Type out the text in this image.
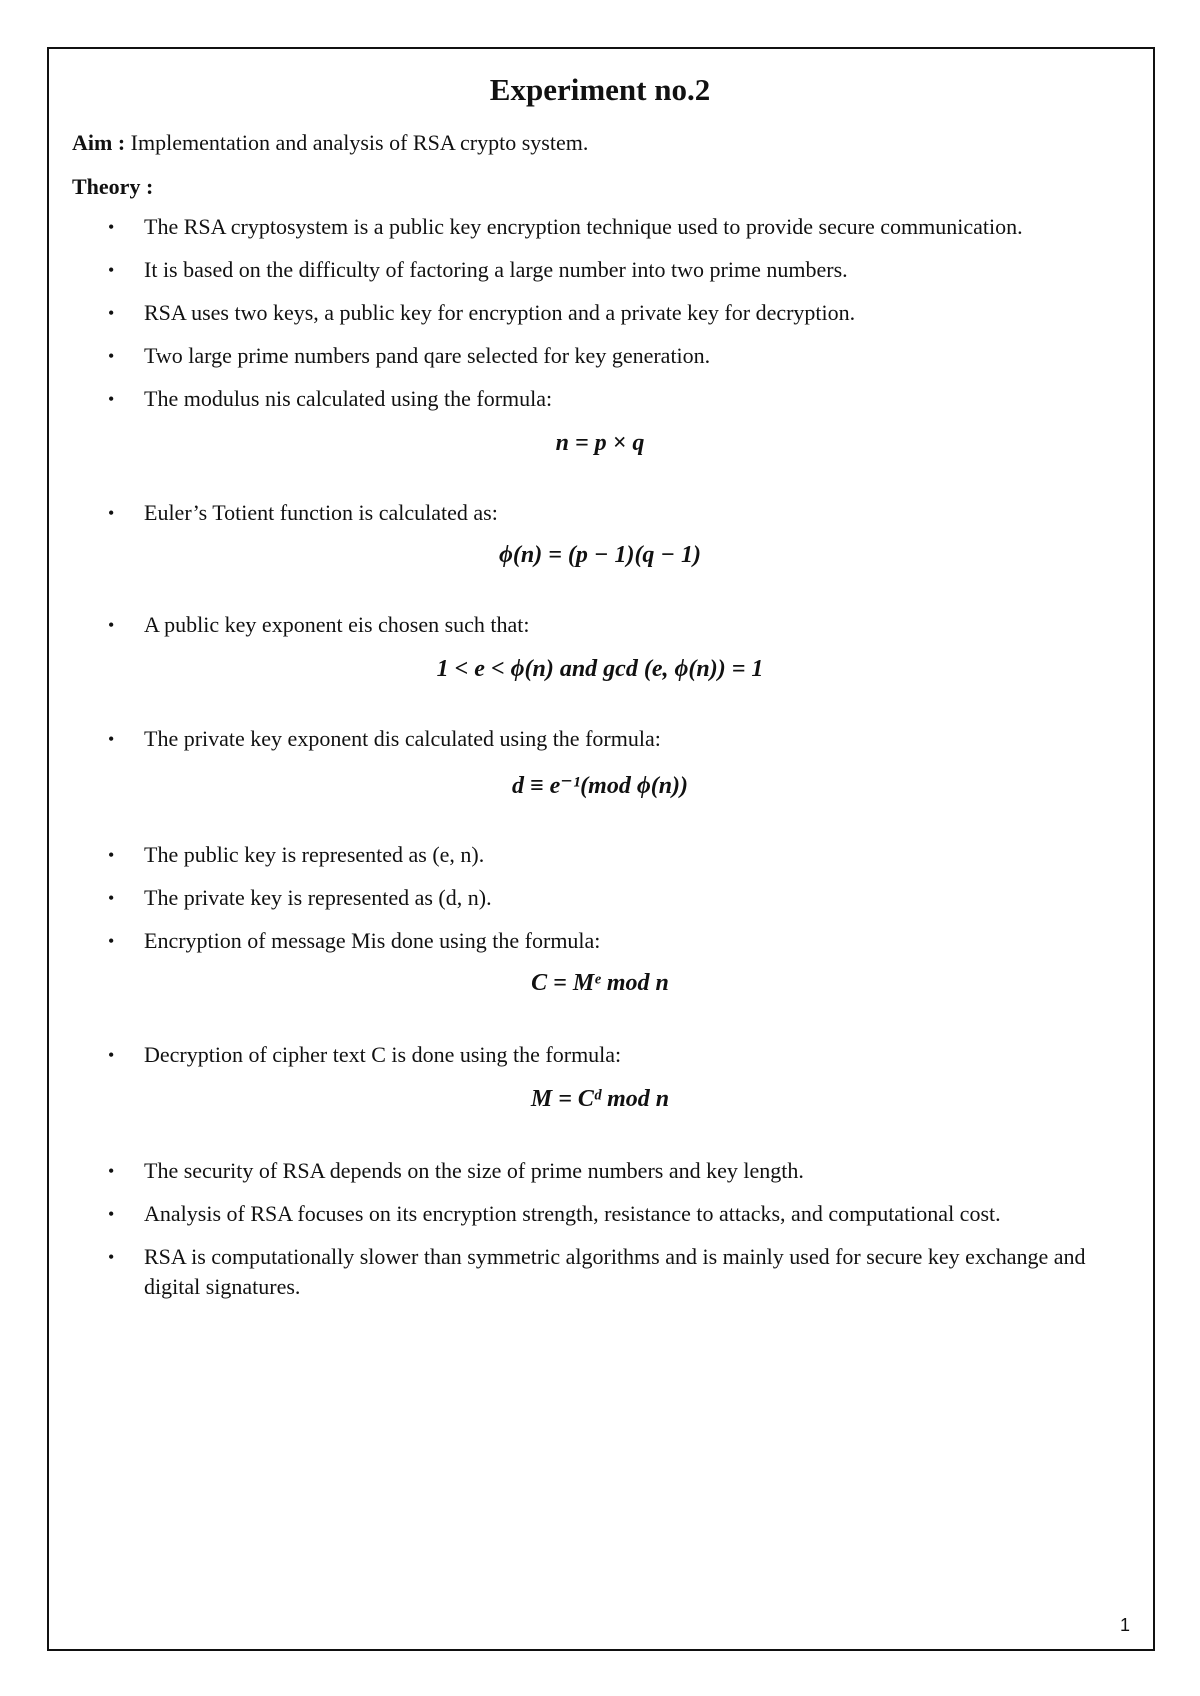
Experiment no.2
Aim : Implementation and analysis of RSA crypto system.
Theory :
• The RSA cryptosystem is a public key encryption technique used to provide secure communication.
• It is based on the difficulty of factoring a large number into two prime numbers.
• RSA uses two keys, a public key for encryption and a private key for decryption.
• Two large prime numbers pand qare selected for key generation.
• The modulus nis calculated using the formula:
n = p × q
• Euler’s Totient function is calculated as:
ϕ(n) = (p − 1)(q − 1)
• A public key exponent eis chosen such that:
1 < e < ϕ(n) and gcd (e, ϕ(n)) = 1
• The private key exponent dis calculated using the formula:
d ≡ e⁻¹(mod ϕ(n))
• The public key is represented as (e, n).
• The private key is represented as (d, n).
• Encryption of message Mis done using the formula:
C = Mᵉ mod n
• Decryption of cipher text C is done using the formula:
M = Cᵈ mod n
• The security of RSA depends on the size of prime numbers and key length.
• Analysis of RSA focuses on its encryption strength, resistance to attacks, and computational cost.
• RSA is computationally slower than symmetric algorithms and is mainly used for secure key exchange and digital signatures.
1
